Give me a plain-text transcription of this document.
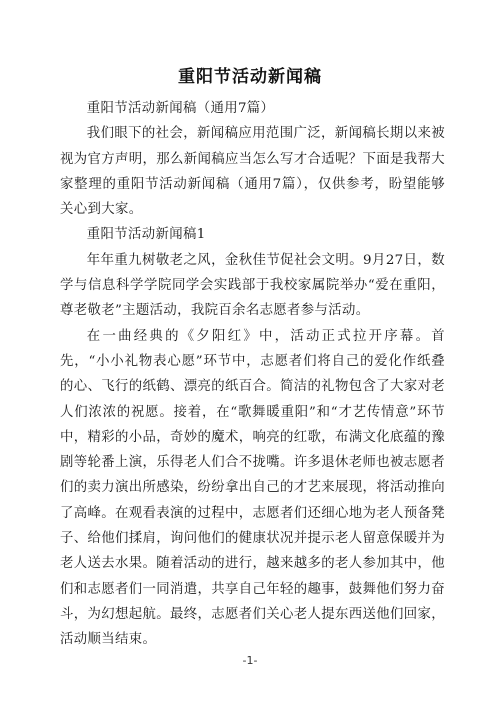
重阳节活动新闻稿

重阳节活动新闻稿（通用7篇）

我们眼下的社会，新闻稿应用范围广泛，新闻稿长期以来被视为官方声明，那么新闻稿应当怎么写才合适呢？下面是我帮大家整理的重阳节活动新闻稿（通用7篇），仅供参考，盼望能够关心到大家。

重阳节活动新闻稿1

年年重九树敬老之风，金秋佳节促社会文明。9月27日，数学与信息科学学院同学会实践部于我校家属院举办“爱在重阳，尊老敬老”主题活动，我院百余名志愿者参与活动。

在一曲经典的《夕阳红》中，活动正式拉开序幕。首先，“小小礼物表心愿”环节中，志愿者们将自己的爱化作纸叠的心、飞行的纸鹤、漂亮的纸百合。简洁的礼物包含了大家对老人们浓浓的祝愿。接着，在“歌舞暖重阳”和“才艺传情意”环节中，精彩的小品，奇妙的魔术，响亮的红歌，布满文化底蕴的豫剧等轮番上演，乐得老人们合不拢嘴。许多退休老师也被志愿者们的卖力演出所感染，纷纷拿出自己的才艺来展现，将活动推向了高峰。在观看表演的过程中，志愿者们还细心地为老人预备凳子、给他们揉肩，询问他们的健康状况并提示老人留意保暖并为老人送去水果。随着活动的进行，越来越多的老人参加其中，他们和志愿者们一同消遣，共享自己年轻的趣事，鼓舞他们努力奋斗，为幻想起航。最终，志愿者们关心老人提东西送他们回家，活动顺当结束。

-1-
